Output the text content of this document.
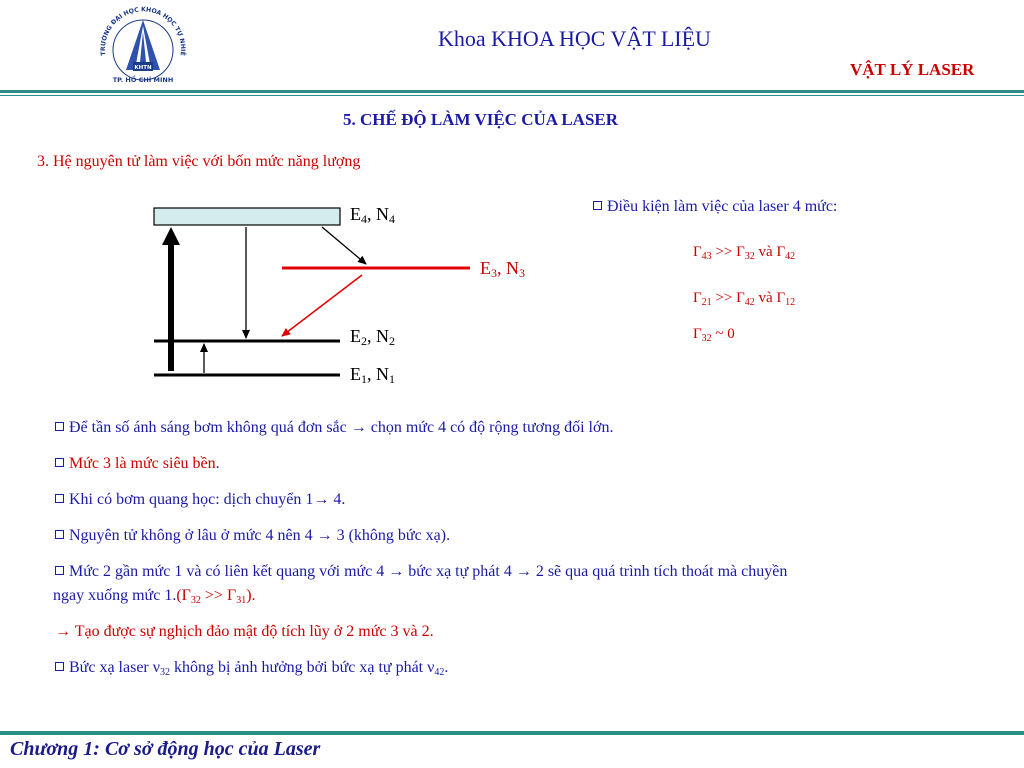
TRƯỜNG ĐẠI HỌC KHOA HỌC TỰ NHIÊ
KHTN
TP. HỒ CHÍ MINH
Khoa KHOA HỌC VẬT LIỆU
VẬT LÝ LASER
5. CHẾ ĐỘ LÀM VIỆC CỦA LASER
3. Hệ nguyên tử làm việc với bốn mức năng lượng
$E_4$, $N_4$
$E_3$, $N_3$
$E_2$, $N_2$
$E_1$, $N_1$
Điều kiện làm việc của laser 4 mức:
$\Gamma_{43} >> \Gamma_{32}$ và $\Gamma_{42}$
$\Gamma_{21} >> \Gamma_{42}$ và $\Gamma_{12}$
$\Gamma_{32}$ ~ 0
Để tần số ánh sáng bơm không quá đơn sắc → chọn mức 4 có độ rộng tương đối lớn.
Mức 3 là mức siêu bền.
Khi có bơm quang học: dịch chuyển 1→ 4.
Nguyên tử không ở lâu ở mức 4 nên 4 → 3 (không bức xạ).
Mức 2 gần mức 1 và có liên kết quang với mức 4 → bức xạ tự phát 4 → 2 sẽ qua quá trình tích thoát mà chuyền
ngay xuống mức $1.(\Gamma_{32} >> \Gamma_{31})$.
→ Tạo được sự nghịch đảo mật độ tích lũy ở 2 mức 3 và 2.
Bức xạ laser $\nu_{32}$ không bị ảnh hưởng bởi bức xạ tự phát $\nu_{42}$.
Chương 1: Cơ sở động học của Laser
